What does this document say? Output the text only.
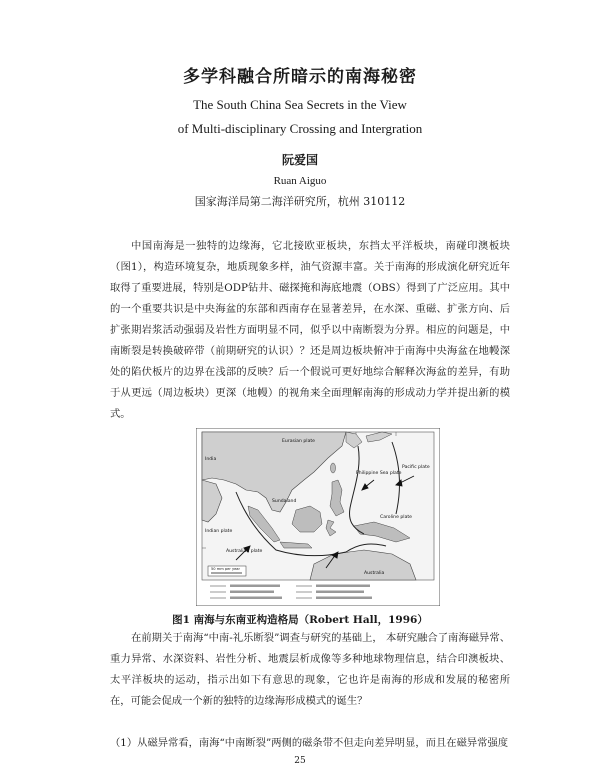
多学科融合所暗示的南海秘密
The South China Sea Secrets in the View
of Multi-disciplinary Crossing and Intergration
阮爱国
Ruan Aiguo
国家海洋局第二海洋研究所，杭州 310112

中国南海是一独特的边缘海，它北接欧亚板块，东挡太平洋板块，南碰印澳板块（图1），构造环境复杂，地质现象多样，油气资源丰富。关于南海的形成演化研究近年取得了重要进展，特别是ODP钻井、磁探掩和海底地震（OBS）得到了广泛应用。其中的一个重要共识是中央海盆的东部和西南存在显著差异，在水深、重磁、扩张方向、后扩张期岩浆活动强弱及岩性方面明显不同，似乎以中南断裂为分界。相应的问题是，中南断裂是转换破碎带（前期研究的认识）？还是周边板块俯冲于南海中央海盆在地幔深处的陷伏板片的边界在浅部的反映？后一个假说可更好地综合解释次海盆的差异，有助于从更远（周边板块）更深（地幔）的视角来全面理解南海的形成动力学并提出新的模式。

Eurasian plate
India
Philippine Sea plate
Pacific plate
Caroline plate
Indian plate
Australian plate
Australia
Sundaland
50 mm per year
图1 南海与东南亚构造格局（Robert Hall，1996）

在前期关于南海“中南-礼乐断裂”调查与研究的基础上， 本研究融合了南海磁异常、重力异常、水深资料、岩性分析、地震层析成像等多种地球物理信息，结合印澳板块、太平洋板块的运动，指示出如下有意思的现象，它也许是南海的形成和发展的秘密所在，可能会促成一个新的独特的边缘海形成模式的诞生？

（1）从磁异常看，南海“中南断裂”两侧的磁条带不但走向差异明显，而且在磁异常强度

25
